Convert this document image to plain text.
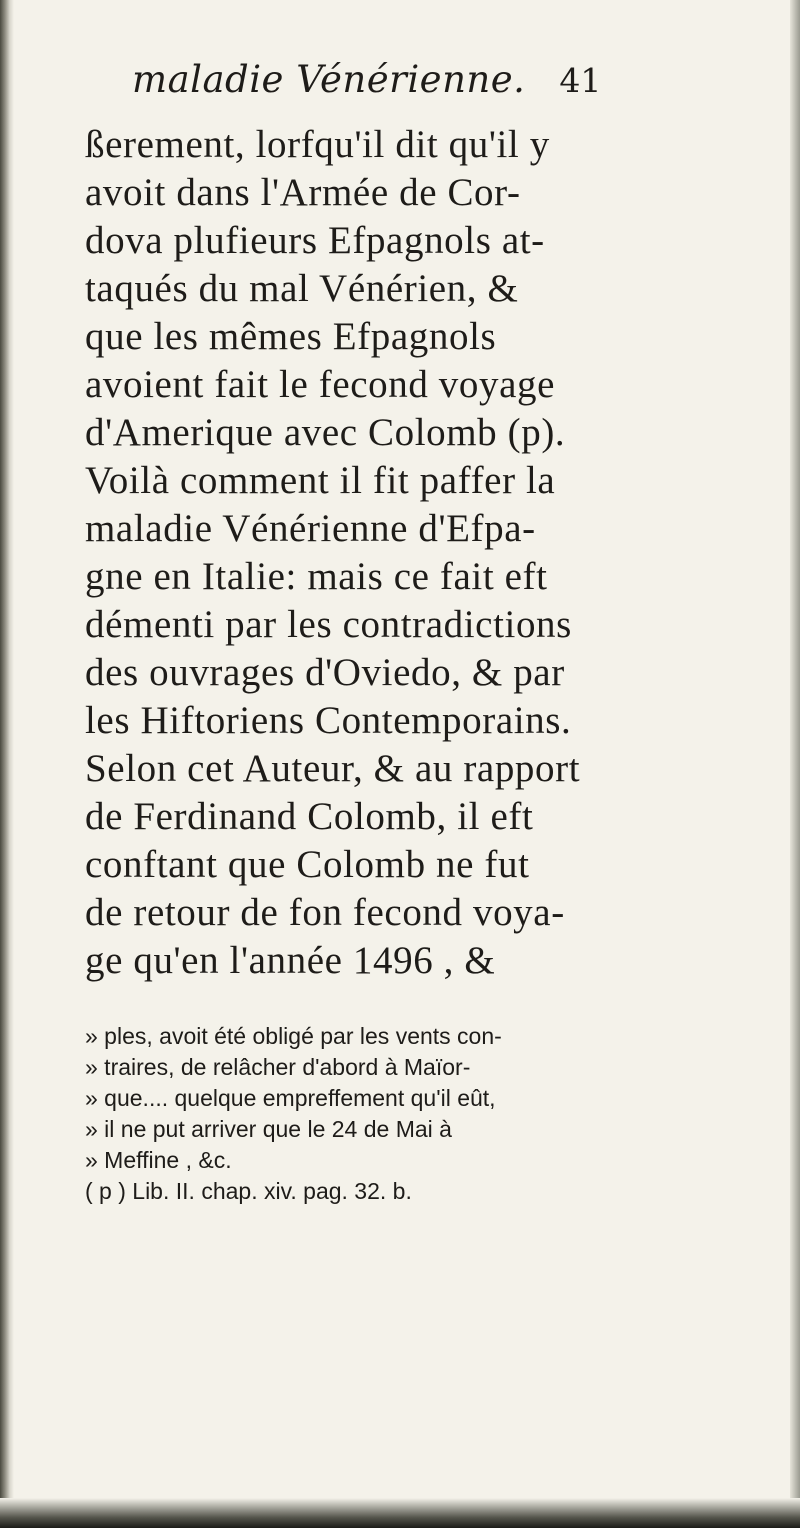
maladie Vénérienne. 41
ßerement, lorfqu'il dit qu'il y
avoit dans l'Armée de Cor-
dova plufieurs Efpagnols at-
taqués du mal Vénérien, &
que les mêmes Efpagnols
avoient fait le fecond voyage
d'Amerique avec Colomb (p).
Voilà comment il fit paffer la
maladie Vénérienne d'Efpa-
gne en Italie: mais ce fait eft
démenti par les contradictions
des ouvrages d'Oviedo, & par
les Hiftoriens Contemporains.
Selon cet Auteur, & au rapport
de Ferdinand Colomb, il eft
conftant que Colomb ne fut
de retour de fon fecond voya-
ge qu'en l'année 1496 , &
» ples, avoit été obligé par les vents con-
» traires, de relâcher d'abord à Maïor-
» que.... quelque empreffement qu'il eût,
» il ne put arriver que le 24 de Mai à
» Meffine , &c.
( p ) Lib. II. chap. xiv. pag. 32. b.
